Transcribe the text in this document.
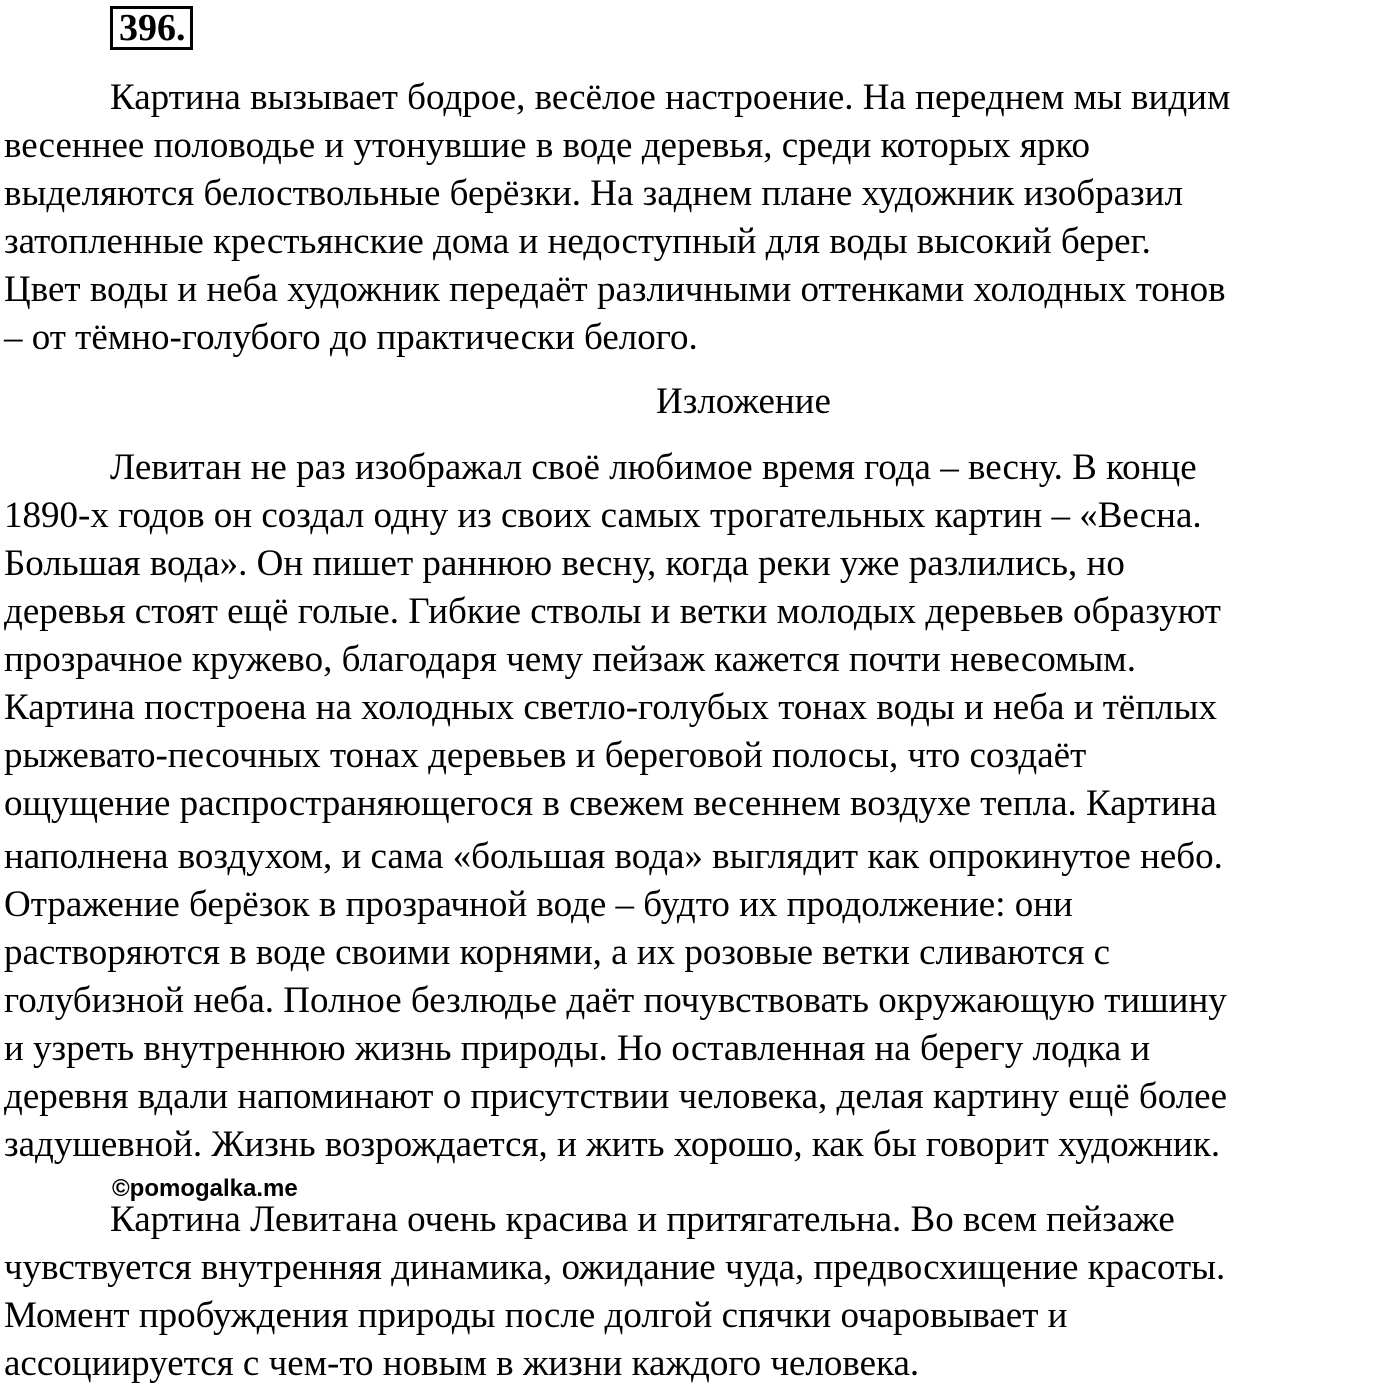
396.
Картина вызывает бодрое, весёлое настроение. На переднем мы видим
весеннее половодье и утонувшие в воде деревья, среди которых ярко
выделяются белоствольные берёзки. На заднем плане художник изобразил
затопленные крестьянские дома и недоступный для воды высокий берег.
Цвет воды и неба художник передаёт различными оттенками холодных тонов
– от тёмно-голубого до практически белого.
Изложение
Левитан не раз изображал своё любимое время года – весну. В конце
1890-х годов он создал одну из своих самых трогательных картин – «Весна.
Большая вода». Он пишет раннюю весну, когда реки уже разлились, но
деревья стоят ещё голые. Гибкие стволы и ветки молодых деревьев образуют
прозрачное кружево, благодаря чему пейзаж кажется почти невесомым.
Картина построена на холодных светло-голубых тонах воды и неба и тёплых
рыжевато-песочных тонах деревьев и береговой полосы, что создаёт
ощущение распространяющегося в свежем весеннем воздухе тепла. Картина
наполнена воздухом, и сама «большая вода» выглядит как опрокинутое небо.
Отражение берёзок в прозрачной воде – будто их продолжение: они
растворяются в воде своими корнями, а их розовые ветки сливаются с
голубизной неба. Полное безлюдье даёт почувствовать окружающую тишину
и узреть внутреннюю жизнь природы. Но оставленная на берегу лодка и
деревня вдали напоминают о присутствии человека, делая картину ещё более
задушевной. Жизнь возрождается, и жить хорошо, как бы говорит художник.
©pomogalka.me
Картина Левитана очень красива и притягательна. Во всем пейзаже
чувствуется внутренняя динамика, ожидание чуда, предвосхищение красоты.
Момент пробуждения природы после долгой спячки очаровывает и
ассоциируется с чем-то новым в жизни каждого человека.
